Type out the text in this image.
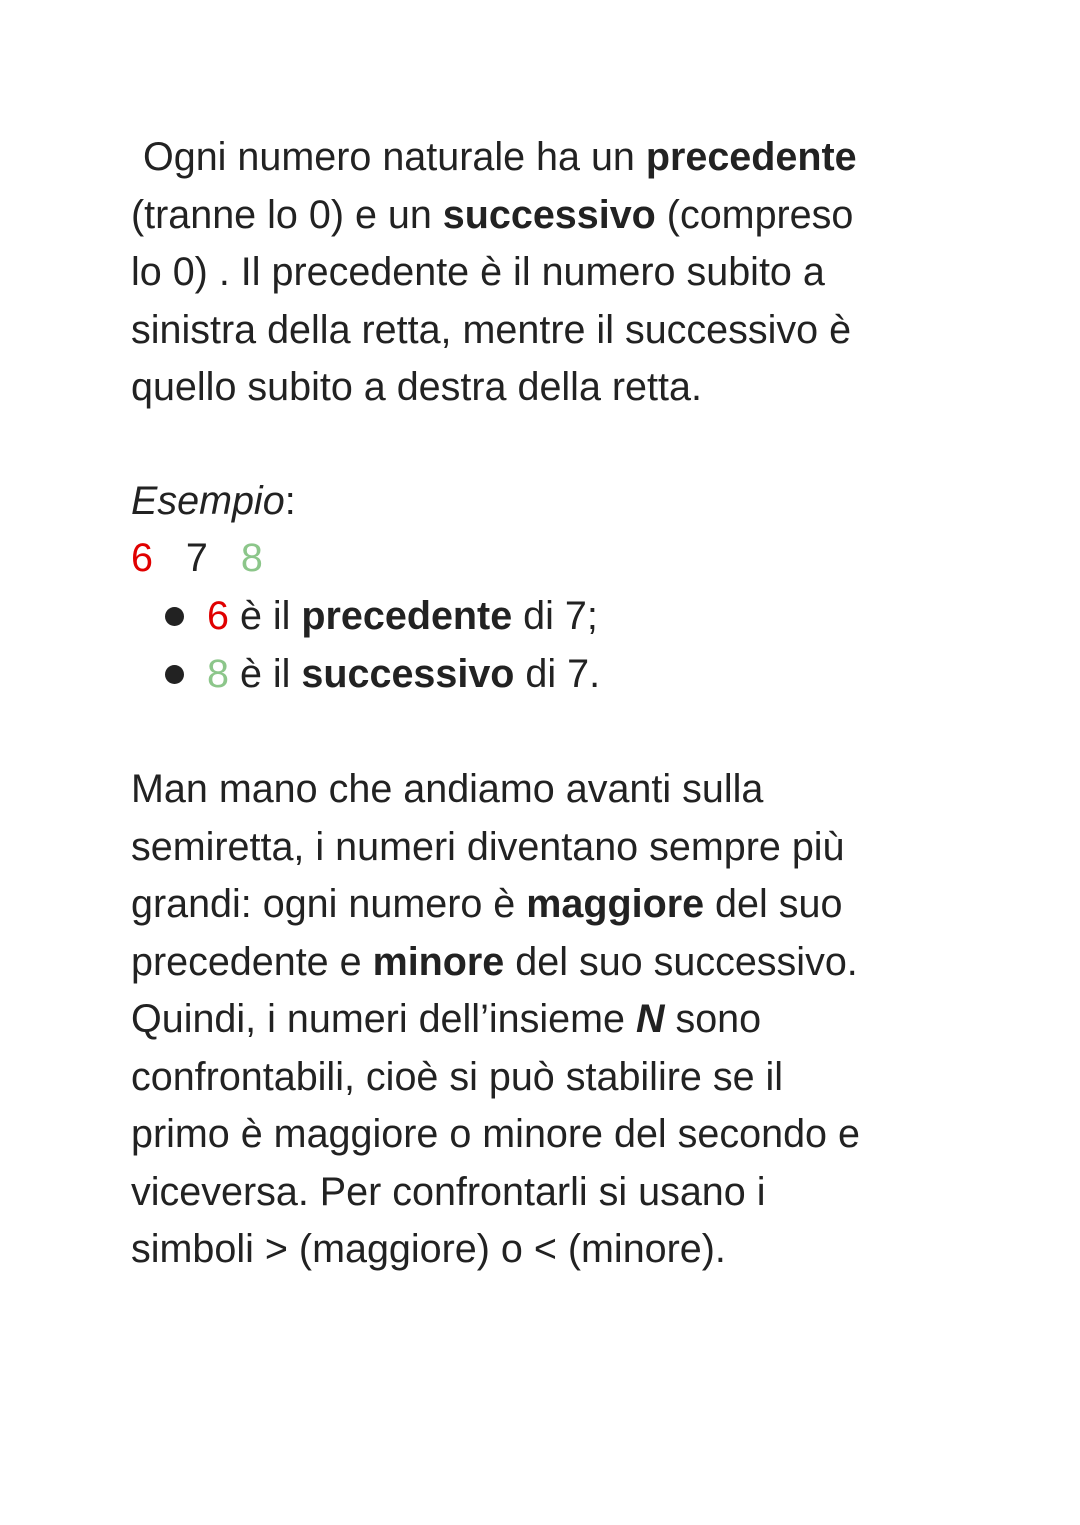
Ogni numero naturale ha un precedente
(tranne lo 0) e un successivo (compreso
lo 0) . Il precedente è il numero subito a
sinistra della retta, mentre il successivo è
quello subito a destra della retta.

Esempio:

6 7 8

6 è il precedente di 7;
8 è il successivo di 7.

Man mano che andiamo avanti sulla
semiretta, i numeri diventano sempre più
grandi: ogni numero è maggiore del suo
precedente e minore del suo successivo.
Quindi, i numeri dell’insieme N sono
confrontabili, cioè si può stabilire se il
primo è maggiore o minore del secondo e
viceversa. Per confrontarli si usano i
simboli > (maggiore) o < (minore).
